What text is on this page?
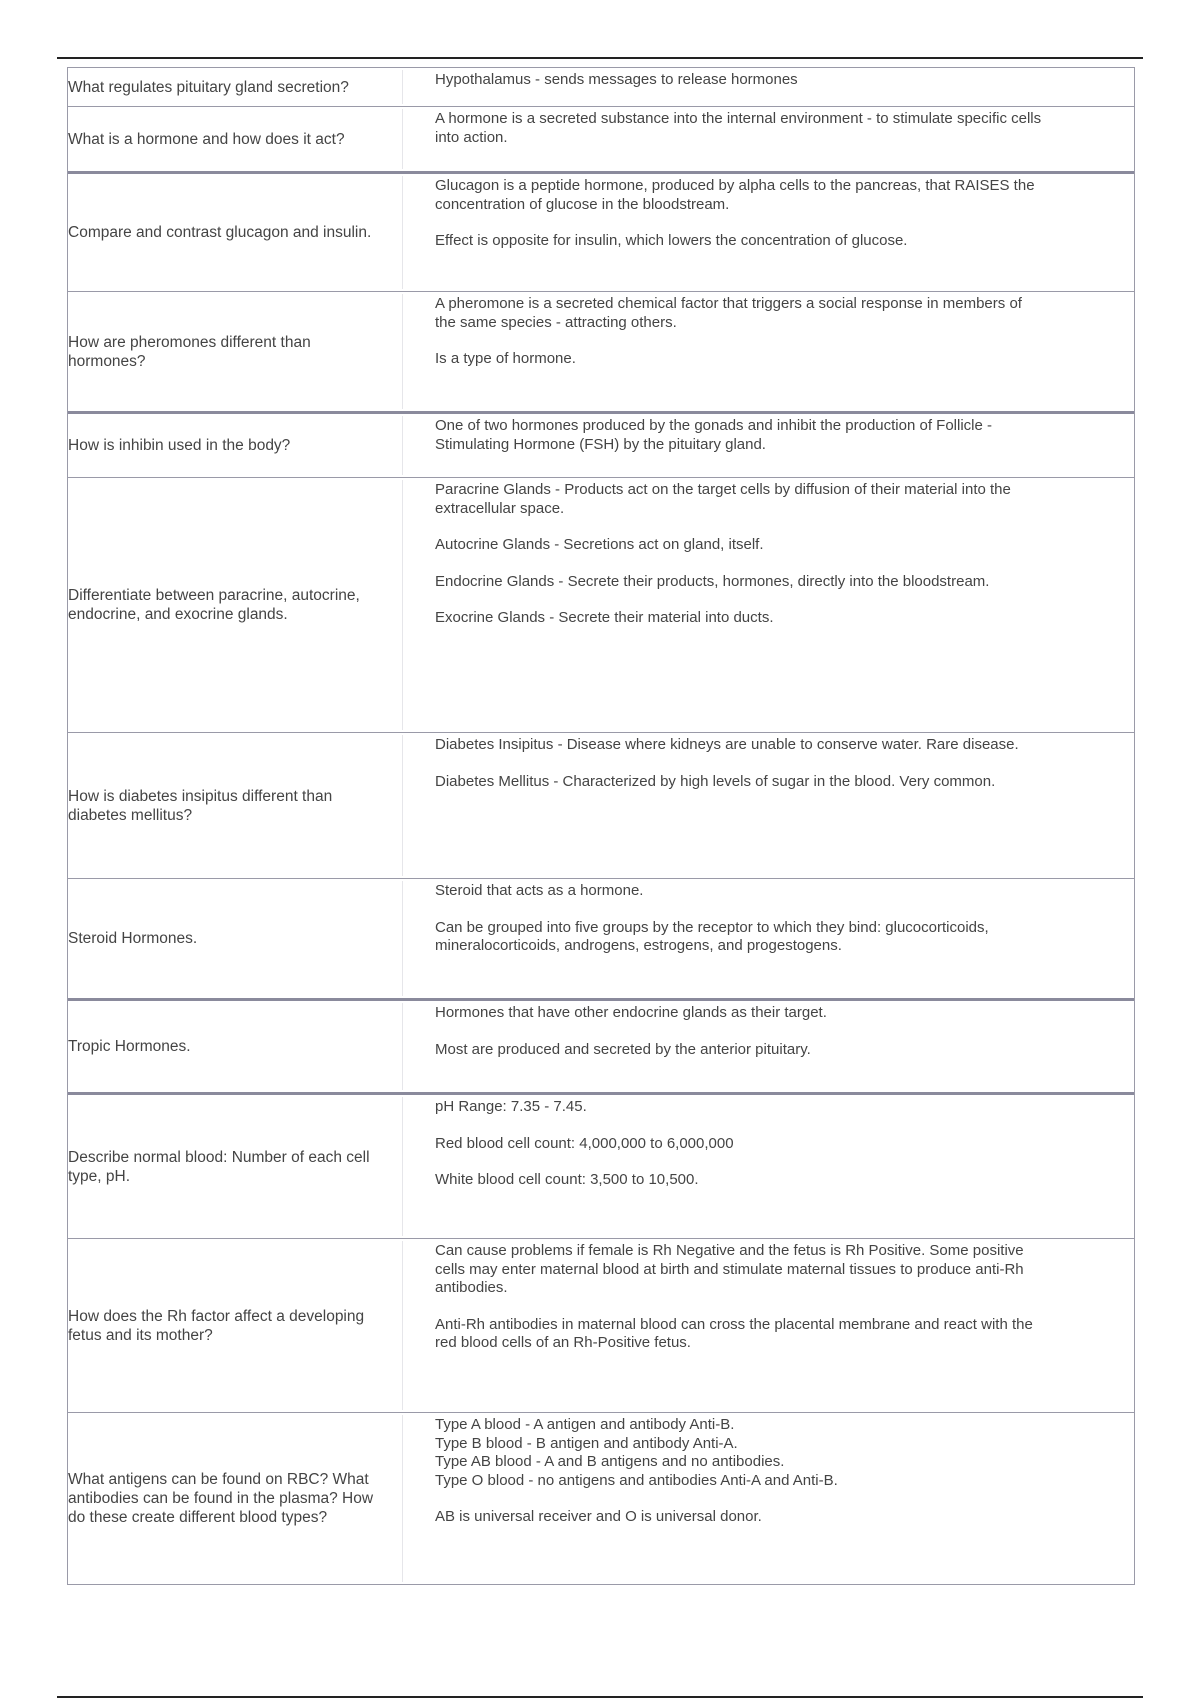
What regulates pituitary gland secretion?	Hypothalamus - sends messages to release hormones

What is a hormone and how does it act?

A hormone is a secreted substance into the internal environment - to stimulate specific cells into action.

Compare and contrast glucagon and insulin.

Glucagon is a peptide hormone, produced by alpha cells to the pancreas, that RAISES the concentration of glucose in the bloodstream.

Effect is opposite for insulin, which lowers the concentration of glucose.

How are pheromones different than hormones?

A pheromone is a secreted chemical factor that triggers a social response in members of the same species - attracting others.

Is a type of hormone.

How is inhibin used in the body?

One of two hormones produced by the gonads and inhibit the production of Follicle - Stimulating Hormone (FSH) by the pituitary gland.

Differentiate between paracrine, autocrine, endocrine, and exocrine glands.

Paracrine Glands - Products act on the target cells by diffusion of their material into the extracellular space.

Autocrine Glands - Secretions act on gland, itself.

Endocrine Glands - Secrete their products, hormones, directly into the bloodstream.

Exocrine Glands - Secrete their material into ducts.

How is diabetes insipitus different than diabetes mellitus?

Diabetes Insipitus - Disease where kidneys are unable to conserve water. Rare disease.

Diabetes Mellitus - Characterized by high levels of sugar in the blood. Very common.

Steroid Hormones.

Steroid that acts as a hormone.

Can be grouped into five groups by the receptor to which they bind: glucocorticoids, mineralocorticoids, androgens, estrogens, and progestogens.

Tropic Hormones.

Hormones that have other endocrine glands as their target.

Most are produced and secreted by the anterior pituitary.

Describe normal blood: Number of each cell type, pH.

pH Range: 7.35 - 7.45.

Red blood cell count: 4,000,000 to 6,000,000

White blood cell count: 3,500 to 10,500.

How does the Rh factor affect a developing fetus and its mother?

Can cause problems if female is Rh Negative and the fetus is Rh Positive. Some positive cells may enter maternal blood at birth and stimulate maternal tissues to produce anti-Rh antibodies.

Anti-Rh antibodies in maternal blood can cross the placental membrane and react with the red blood cells of an Rh-Positive fetus.

What antigens can be found on RBC? What antibodies can be found in the plasma? How do these create different blood types?

Type A blood - A antigen and antibody Anti-B.

Type B blood - B antigen and antibody Anti-A.

Type AB blood - A and B antigens and no antibodies.

Type O blood - no antigens and antibodies Anti-A and Anti-B.

AB is universal receiver and O is universal donor.
